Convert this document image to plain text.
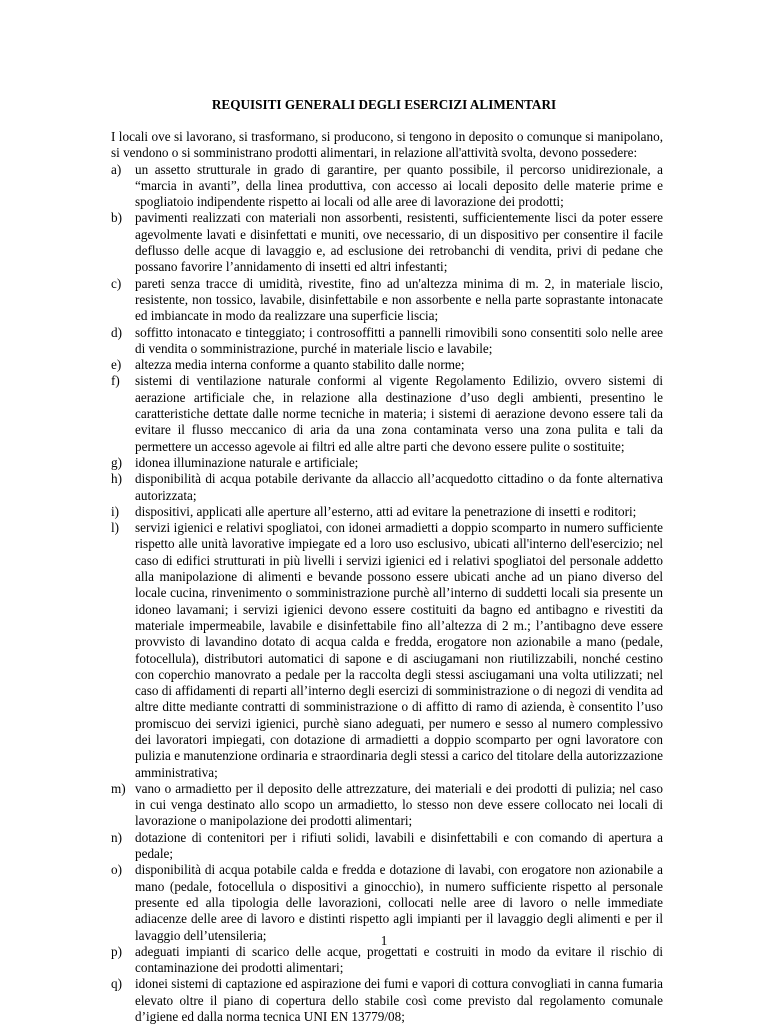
REQUISITI GENERALI DEGLI ESERCIZI ALIMENTARI
I locali ove si lavorano, si trasformano, si producono, si tengono in deposito o comunque si manipolano, si vendono o si somministrano prodotti alimentari, in relazione all'attività svolta, devono possedere:
a)	un assetto strutturale in grado di garantire, per quanto possibile, il percorso unidirezionale, a “marcia in avanti”, della linea produttiva, con accesso ai locali deposito delle materie prime e spogliatoio indipendente rispetto ai locali od alle aree di lavorazione dei prodotti;
b) pavimenti realizzati con materiali non assorbenti, resistenti, sufficientemente lisci da poter essere agevolmente lavati e disinfettati e muniti, ove necessario, di un dispositivo per consentire il facile deflusso delle acque di lavaggio e, ad esclusione dei retrobanchi di vendita, privi di pedane che possano favorire l’annidamento di insetti ed altri infestanti;
c)	pareti senza tracce di umidità, rivestite, fino ad un'altezza minima di m. 2, in materiale liscio, resistente, non tossico, lavabile, disinfettabile e non assorbente e nella parte soprastante intonacate ed imbiancate in modo da realizzare una superficie liscia;
d) soffitto intonacato e tinteggiato; i controsoffitti a pannelli rimovibili sono consentiti solo nelle aree di vendita o somministrazione, purché in materiale liscio e lavabile;
e)	altezza media interna conforme a quanto stabilito dalle norme;
f)	sistemi di ventilazione naturale conformi al vigente Regolamento Edilizio, ovvero sistemi di aerazione artificiale che, in relazione alla destinazione d’uso degli ambienti, presentino le caratteristiche dettate dalle norme tecniche in materia; i sistemi di aerazione devono essere tali da evitare il flusso meccanico di aria da una zona contaminata verso una zona pulita e tali da permettere un accesso agevole ai filtri ed alle altre parti che devono essere pulite o sostituite;
g) idonea illuminazione naturale e artificiale;
h) disponibilità di acqua potabile derivante da allaccio all’acquedotto cittadino o da fonte alternativa autorizzata;
i)	dispositivi, applicati alle aperture all’esterno, atti ad evitare la penetrazione di insetti e roditori;
l)	servizi igienici e relativi spogliatoi, con idonei armadietti a doppio scomparto in numero sufficiente rispetto alle unità lavorative impiegate ed a loro uso esclusivo, ubicati all'interno dell'esercizio; nel caso di edifici strutturati in più livelli i servizi igienici ed i relativi spogliatoi del personale addetto alla manipolazione di alimenti e bevande possono essere ubicati anche ad un piano diverso del locale cucina, rinvenimento o somministrazione purchè all’interno di suddetti locali sia presente un idoneo lavamani; i servizi igienici devono essere costituiti da bagno ed antibagno e rivestiti da materiale impermeabile, lavabile e disinfettabile fino all’altezza di 2 m.; l’antibagno deve essere provvisto di lavandino dotato di acqua calda e fredda, erogatore non azionabile a mano (pedale, fotocellula), distributori automatici di sapone e di asciugamani non riutilizzabili, nonché cestino con coperchio manovrato a pedale per la raccolta degli stessi asciugamani una volta utilizzati; nel caso di affidamenti di reparti all’interno degli esercizi di somministrazione o di negozi di vendita ad altre ditte mediante contratti di somministrazione o di affitto di ramo di azienda, è consentito l’uso promiscuo dei servizi igienici, purchè siano adeguati, per numero e sesso al numero complessivo dei lavoratori impiegati, con dotazione di armadietti a doppio scomparto per ogni lavoratore con pulizia e manutenzione ordinaria e straordinaria degli stessi a carico del titolare della autorizzazione amministrativa;
m) vano o armadietto per il deposito delle attrezzature, dei materiali e dei prodotti di pulizia; nel caso in cui venga destinato allo scopo un armadietto, lo stesso non deve essere collocato nei locali di lavorazione o manipolazione dei prodotti alimentari;
n) dotazione di contenitori per i rifiuti solidi, lavabili e disinfettabili e con comando di apertura a pedale;
o) disponibilità di acqua potabile calda e fredda e dotazione di lavabi, con erogatore non azionabile a mano (pedale, fotocellula o dispositivi a ginocchio), in numero sufficiente rispetto al personale presente ed alla tipologia delle lavorazioni, collocati nelle aree di lavoro o nelle immediate adiacenze delle aree di lavoro e distinti rispetto agli impianti per il lavaggio degli alimenti e per il lavaggio dell’utensileria;
p) adeguati impianti di scarico delle acque, progettati e costruiti in modo da evitare il rischio di contaminazione dei prodotti alimentari;
q) idonei sistemi di captazione ed aspirazione dei fumi e vapori di cottura convogliati in canna fumaria elevato oltre il piano di copertura dello stabile così come previsto dal regolamento comunale d’igiene ed dalla norma tecnica UNI EN 13779/08;
1
